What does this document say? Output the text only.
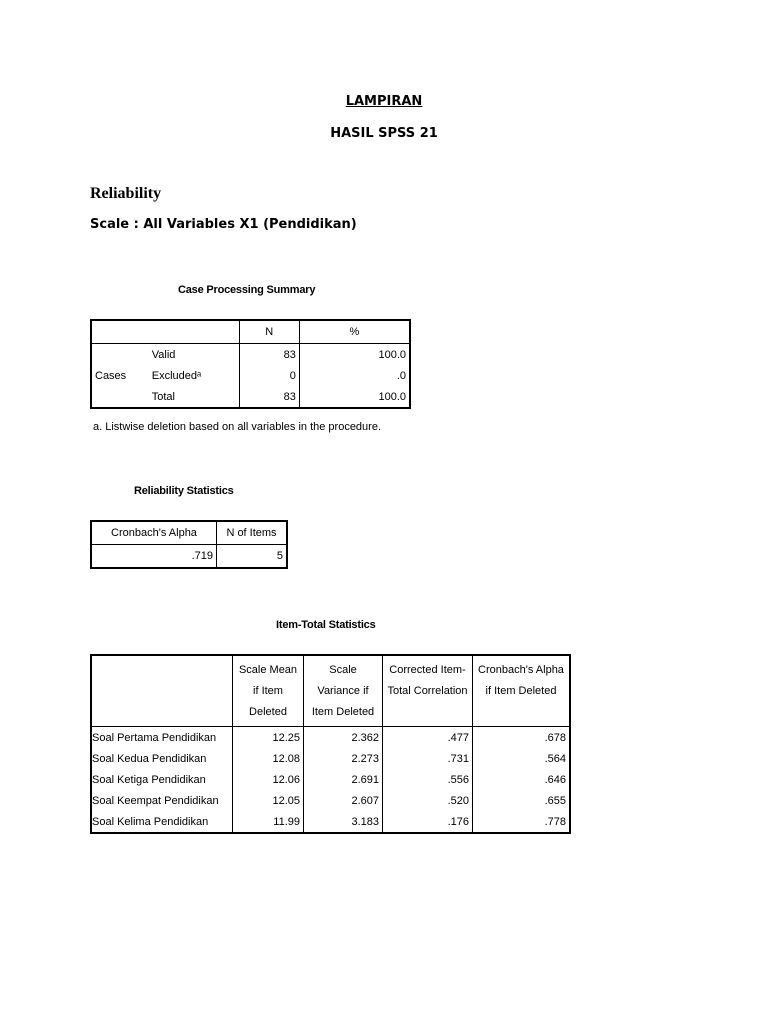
LAMPIRAN
HASIL SPSS 21
Reliability
Scale : All Variables X1 (Pendidikan)
Case Processing Summary
		N	%
Cases	Valid	83	100.0
	Excludedᵃ	0	.0
	Total	83	100.0
a. Listwise deletion based on all variables in the procedure.
Reliability Statistics
Cronbach's Alpha	N of Items
.719	5
Item-Total Statistics
	Scale Mean if Item Deleted	Scale Variance if Item Deleted	Corrected Item-Total Correlation	Cronbach's Alpha if Item Deleted
Soal Pertama Pendidikan	12.25	2.362	.477	.678
Soal Kedua Pendidikan	12.08	2.273	.731	.564
Soal Ketiga Pendidikan	12.06	2.691	.556	.646
Soal Keempat Pendidikan	12.05	2.607	.520	.655
Soal Kelima Pendidikan	11.99	3.183	.176	.778
